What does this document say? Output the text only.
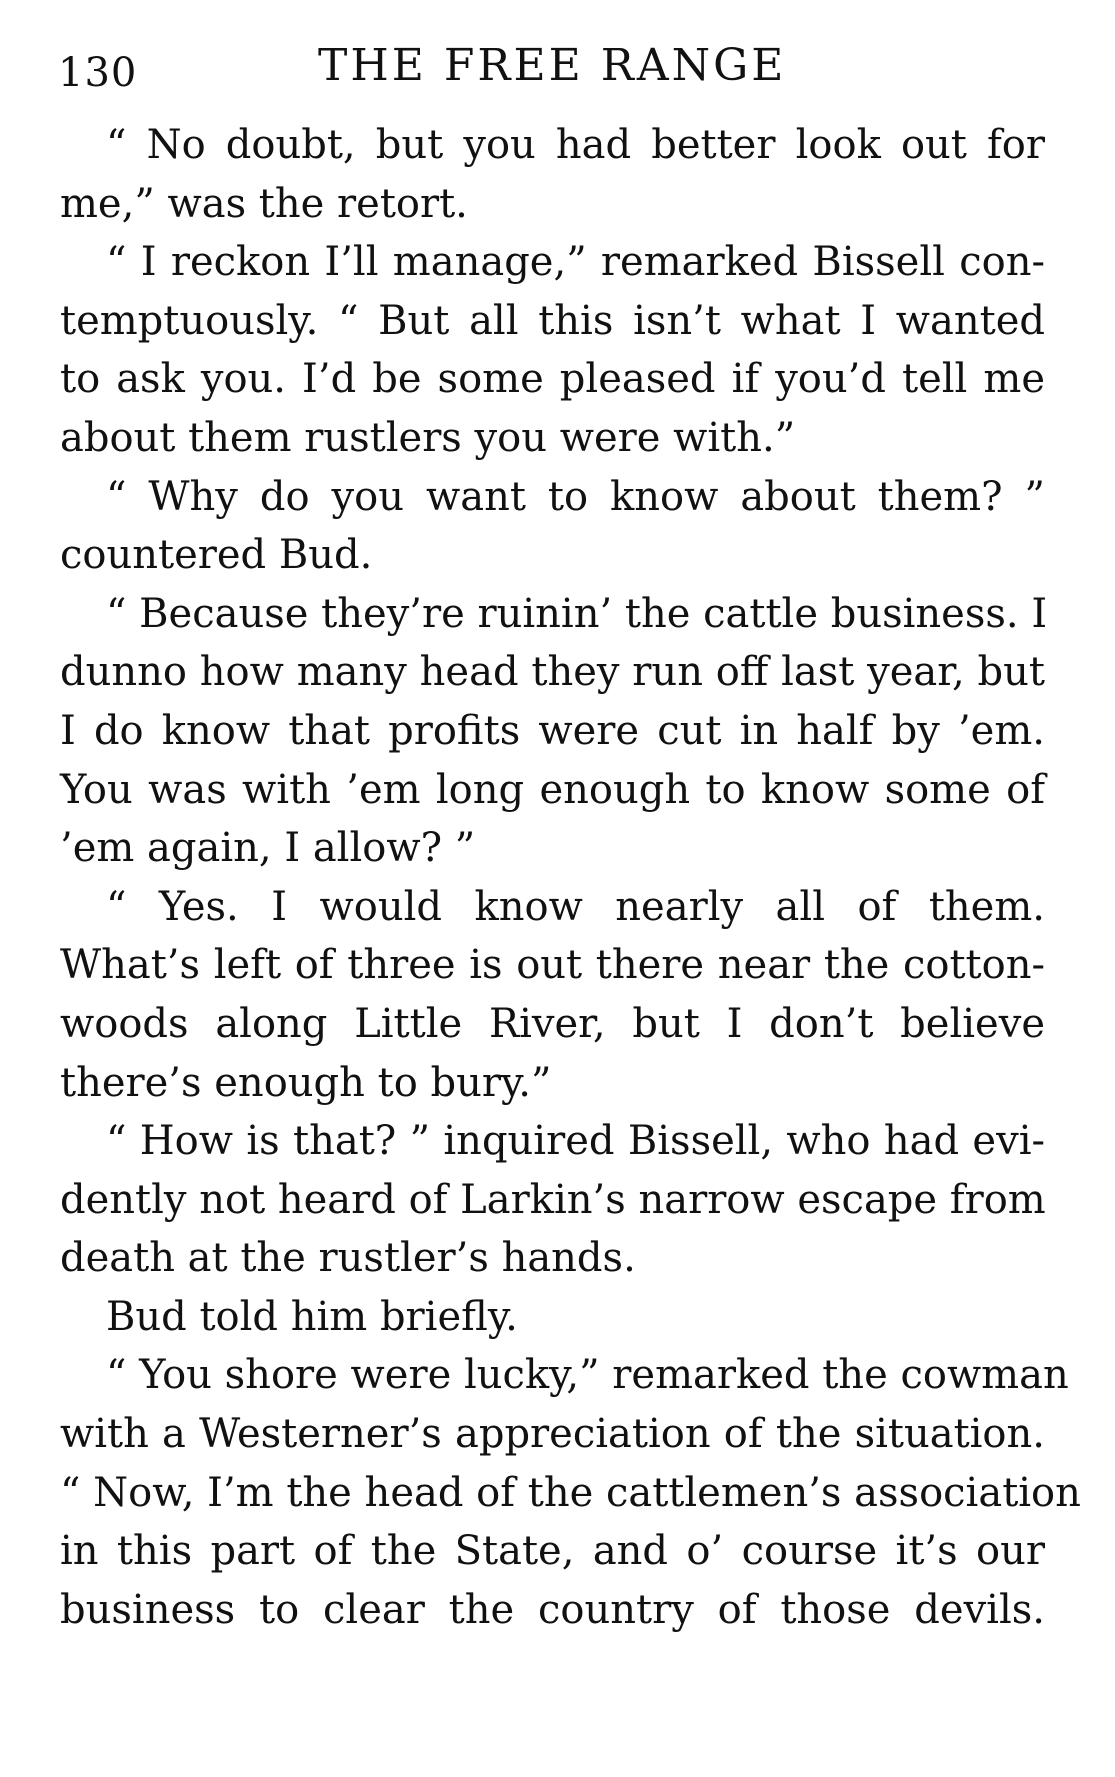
130	THE FREE RANGE
“ No doubt, but you had better look out for
me,” was the retort.
“ I reckon I’ll manage,” remarked Bissell con-
temptuously. “ But all this isn’t what I wanted
to ask you. I’d be some pleased if you’d tell me
about them rustlers you were with.”
“ Why do you want to know about them? ”
countered Bud.
“ Because they’re ruinin’ the cattle business. I
dunno how many head they run off last year, but
I do know that profits were cut in half by ’em.
You was with ’em long enough to know some of
’em again, I allow? ”
“ Yes. I would know nearly all of them.
What’s left of three is out there near the cotton-
woods along Little River, but I don’t believe
there’s enough to bury.”
“ How is that? ” inquired Bissell, who had evi-
dently not heard of Larkin’s narrow escape from
death at the rustler’s hands.
Bud told him briefly.
“ You shore were lucky,” remarked the cowman
with a Westerner’s appreciation of the situation.
“ Now, I’m the head of the cattlemen’s association
in this part of the State, and o’ course it’s our
business to clear the country of those devils.
